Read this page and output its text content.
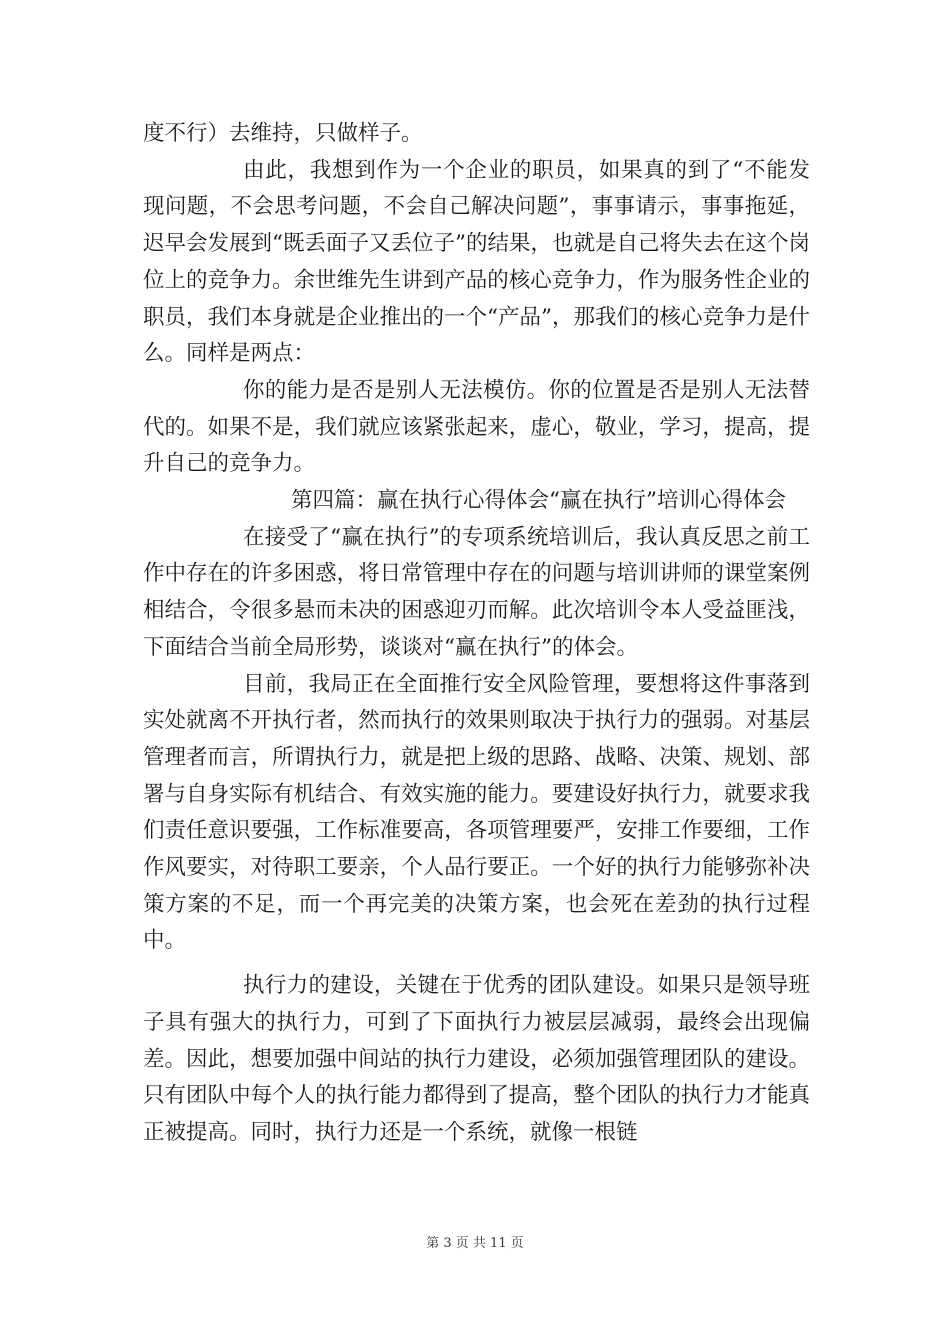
度不行）去维持，只做样子。

由此，我想到作为一个企业的职员，如果真的到了“不能发现问题，不会思考问题，不会自己解决问题”，事事请示，事事拖延，迟早会发展到“既丢面子又丢位子”的结果，也就是自己将失去在这个岗位上的竞争力。余世维先生讲到产品的核心竞争力，作为服务性企业的职员，我们本身就是企业推出的一个“产品”，那我们的核心竞争力是什么。同样是两点：

你的能力是否是别人无法模仿。你的位置是否是别人无法替代的。如果不是，我们就应该紧张起来，虚心，敬业，学习，提高，提升自己的竞争力。

第四篇：赢在执行心得体会“赢在执行”培训心得体会

在接受了“赢在执行”的专项系统培训后，我认真反思之前工作中存在的许多困惑，将日常管理中存在的问题与培训讲师的课堂案例相结合，令很多悬而未决的困惑迎刃而解。此次培训令本人受益匪浅，下面结合当前全局形势，谈谈对“赢在执行”的体会。

目前，我局正在全面推行安全风险管理，要想将这件事落到实处就离不开执行者，然而执行的效果则取决于执行力的强弱。对基层管理者而言，所谓执行力，就是把上级的思路、战略、决策、规划、部署与自身实际有机结合、有效实施的能力。要建设好执行力，就要求我们责任意识要强，工作标准要高，各项管理要严，安排工作要细，工作作风要实，对待职工要亲，个人品行要正。一个好的执行力能够弥补决策方案的不足，而一个再完美的决策方案，也会死在差劲的执行过程中。

执行力的建设，关键在于优秀的团队建设。如果只是领导班子具有强大的执行力，可到了下面执行力被层层减弱，最终会出现偏差。因此，想要加强中间站的执行力建设，必须加强管理团队的建设。只有团队中每个人的执行能力都得到了提高，整个团队的执行力才能真正被提高。同时，执行力还是一个系统，就像一根链

第 3 页 共 11 页
